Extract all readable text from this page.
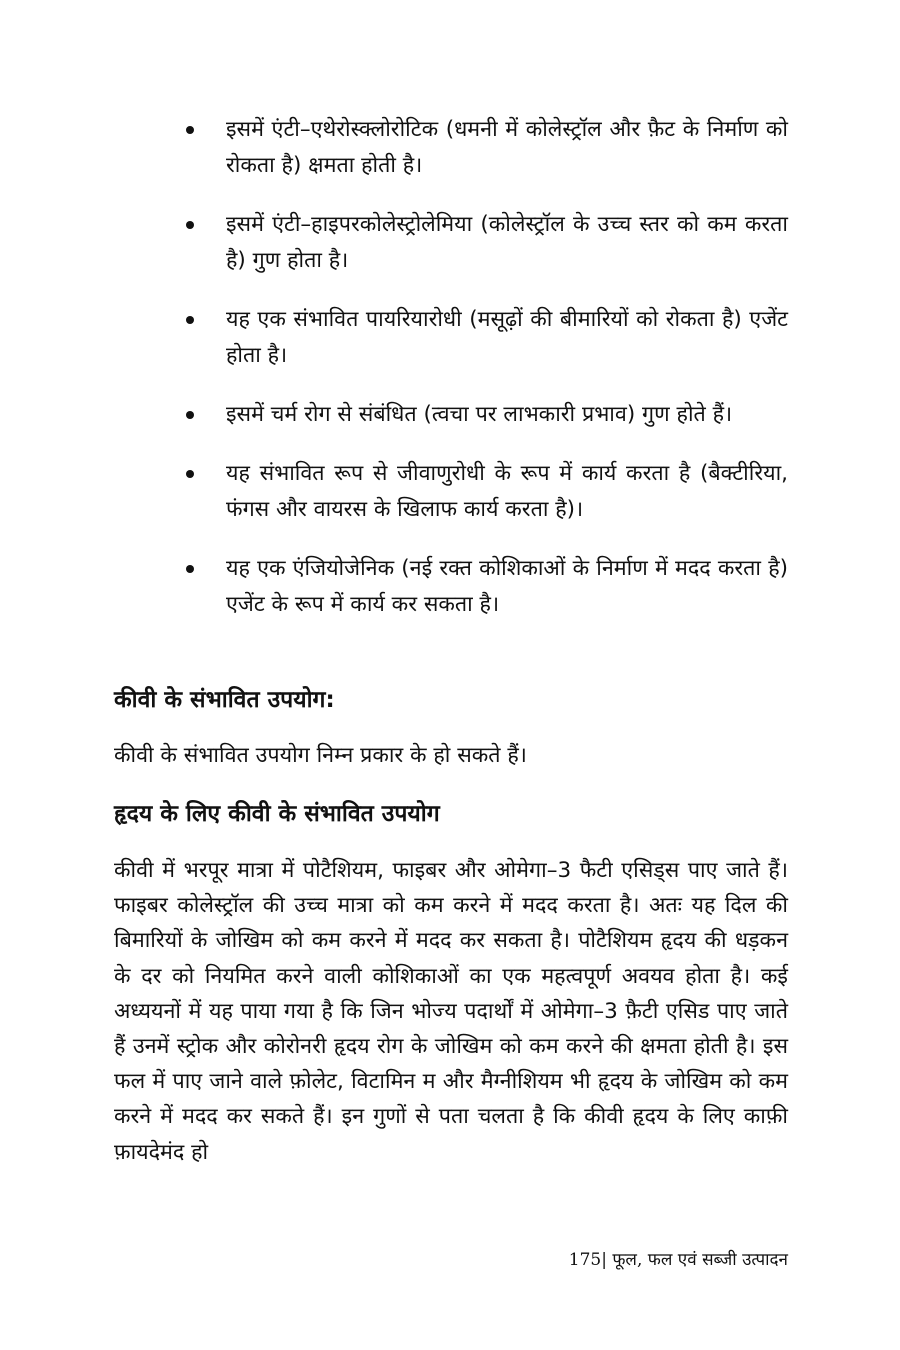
इसमें एंटी–एथेरोस्क्लोरोटिक (धमनी में कोलेस्ट्रॉल और फ़ैट के निर्माण को रोकता है) क्षमता होती है।
इसमें एंटी–हाइपरकोलेस्ट्रोलेमिया (कोलेस्ट्रॉल के उच्च स्तर को कम करता है) गुण होता है।
यह एक संभावित पायरियारोधी (मसूढ़ों की बीमारियों को रोकता है) एजेंट होता है।
इसमें चर्म रोग से संबंधित (त्वचा पर लाभकारी प्रभाव) गुण होते हैं।
यह संभावित रूप से जीवाणुरोधी के रूप में कार्य करता है (बैक्टीरिया, फंगस और वायरस के खिलाफ कार्य करता है)।
यह एक एंजियोजेनिक (नई रक्त कोशिकाओं के निर्माण में मदद करता है) एजेंट के रूप में कार्य कर सकता है।
कीवी के संभावित उपयोग:

कीवी के संभावित उपयोग निम्न प्रकार के हो सकते हैं।

हृदय के लिए कीवी के संभावित उपयोग

कीवी में भरपूर मात्रा में पोटैशियम, फाइबर और ओमेगा–3 फैटी एसिड्स पाए जाते हैं। फाइबर कोलेस्ट्रॉल की उच्च मात्रा को कम करने में मदद करता है। अतः यह दिल की बिमारियों के जोखिम को कम करने में मदद कर सकता है। पोटैशियम हृदय की धड़कन के दर को नियमित करने वाली कोशिकाओं का एक महत्वपूर्ण अवयव होता है। कई अध्ययनों में यह पाया गया है कि जिन भोज्य पदार्थों में ओमेगा–3 फ़ैटी एसिड पाए जाते हैं उनमें स्ट्रोक और कोरोनरी हृदय रोग के जोखिम को कम करने की क्षमता होती है। इस फल में पाए जाने वाले फ़ोलेट, विटामिन म और मैग्नीशियम भी हृदय के जोखिम को कम करने में मदद कर सकते हैं। इन गुणों से पता चलता है कि कीवी हृदय के लिए काफ़ी फ़ायदेमंद हो

175| फूल, फल एवं सब्जी उत्पादन
